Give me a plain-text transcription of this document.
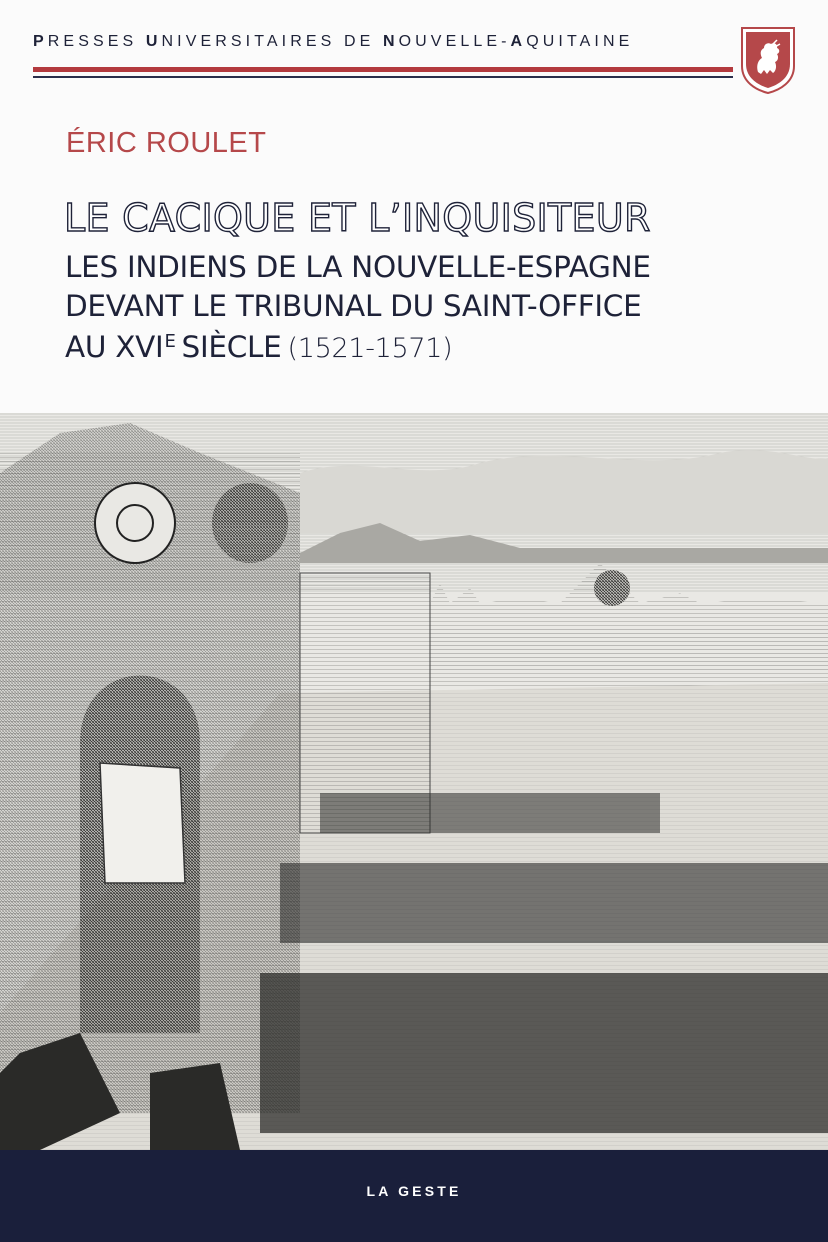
PRESSES UNIVERSITAIRES DE NOUVELLE-AQUITAINE
ÉRIC ROULET
LE CACIQUE ET L’INQUISITEUR
LES INDIENS DE LA NOUVELLE-ESPAGNE
DEVANT LE TRIBUNAL DU SAINT-OFFICE
AU $XVI^E$ SIÈCLE (1521-1571)
LA GESTE
